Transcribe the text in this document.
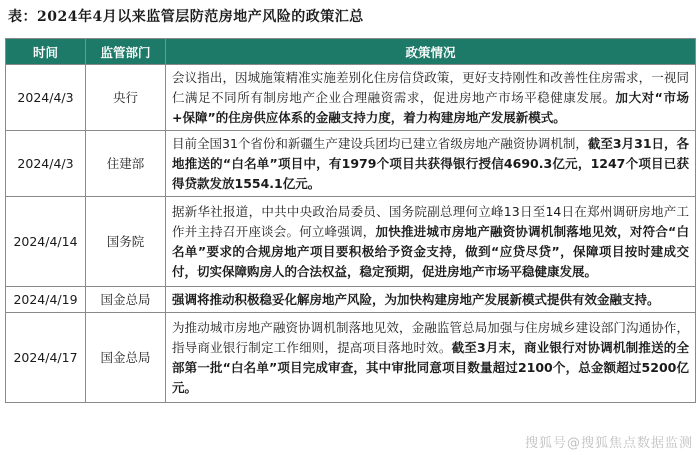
表：2024年4月以来监管层防范房地产风险的政策汇总
时间	监管部门	政策情况
2024/4/3	央行	会议指出，因城施策精准实施差别化住房信贷政策，更好支持刚性和改善性住房需求，一视同仁满足不同所有制房地产企业合理融资需求，促进房地产市场平稳健康发展。加大对“市场+保障”的住房供应体系的金融支持力度，着力构建房地产发展新模式。
2024/4/3	住建部	目前全国31个省份和新疆生产建设兵团均已建立省级房地产融资协调机制，截至3月31日，各地推送的“白名单”项目中，有1979个项目共获得银行授信4690.3亿元，1247个项目已获得贷款发放1554.1亿元。
2024/4/14	国务院	据新华社报道，中共中央政治局委员、国务院副总理何立峰13日至14日在郑州调研房地产工作并主持召开座谈会。何立峰强调，加快推进城市房地产融资协调机制落地见效，对符合“白名单”要求的合规房地产项目要积极给予资金支持，做到“应贷尽贷”，保障项目按时建成交付，切实保障购房人的合法权益，稳定预期，促进房地产市场平稳健康发展。
2024/4/19	国金总局	强调将推动积极稳妥化解房地产风险，为加快构建房地产发展新模式提供有效金融支持。
2024/4/17	国金总局	为推动城市房地产融资协调机制落地见效，金融监管总局加强与住房城乡建设部门沟通协作，指导商业银行制定工作细则，提高项目落地时效。截至3月末，商业银行对协调机制推送的全部第一批“白名单”项目完成审查，其中审批同意项目数量超过2100个，总金额超过5200亿元。
搜狐号@搜狐焦点数据监测
